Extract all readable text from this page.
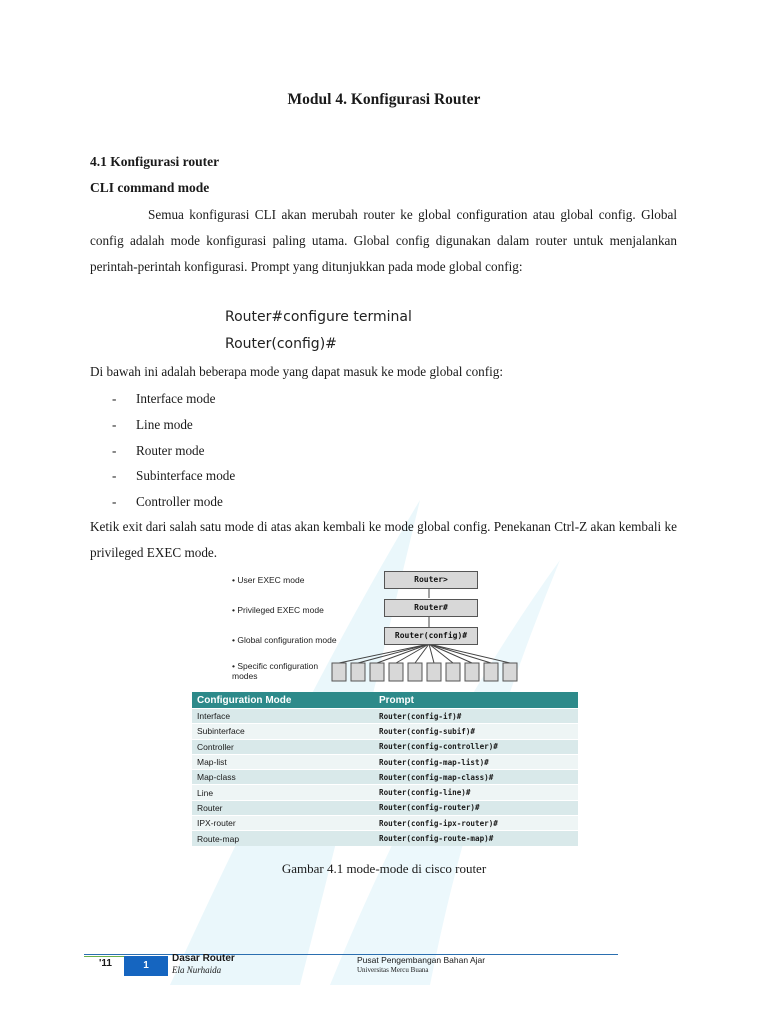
Modul 4. Konfigurasi Router
4.1 Konfigurasi router
CLI command mode
Semua konfigurasi CLI akan merubah router ke global configuration atau global config. Global config adalah mode konfigurasi paling utama. Global config digunakan dalam router untuk menjalankan perintah-perintah konfigurasi. Prompt yang ditunjukkan pada mode global config:
Router#configure terminal
Router(config)#
Di bawah ini adalah beberapa mode yang dapat masuk ke mode global config:
- Interface mode
- Line mode
- Router mode
- Subinterface mode
- Controller mode
Ketik exit dari salah satu mode di atas akan kembali ke mode global config. Penekanan Ctrl-Z akan kembali ke privileged EXEC mode.
• User EXEC mode
• Privileged EXEC mode
• Global configuration mode
• Specific configuration modes
Router>
Router#
Router(config)#
Configuration Mode	Prompt
Interface	Router(config-if)#
Subinterface	Router(config-subif)#
Controller	Router(config-controller)#
Map-list	Router(config-map-list)#
Map-class	Router(config-map-class)#
Line	Router(config-line)#
Router	Router(config-router)#
IPX-router	Router(config-ipx-router)#
Route-map	Router(config-route-map)#
Gambar 4.1 mode-mode di cisco router
'11	1
Dasar Router
Ela Nurhaida
Pusat Pengembangan Bahan Ajar
Universitas Mercu Buana
